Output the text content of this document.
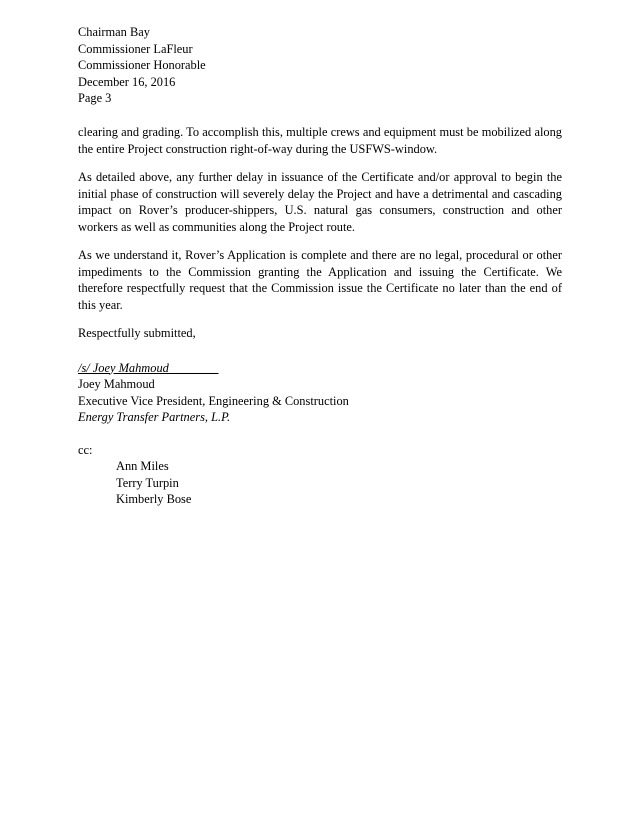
Chairman Bay
Commissioner LaFleur
Commissioner Honorable
December 16, 2016
Page 3

clearing and grading. To accomplish this, multiple crews and equipment must be mobilized along the entire Project construction right-of-way during the USFWS-window.

As detailed above, any further delay in issuance of the Certificate and/or approval to begin the initial phase of construction will severely delay the Project and have a detrimental and cascading impact on Rover’s producer-shippers, U.S. natural gas consumers, construction and other workers as well as communities along the Project route.

As we understand it, Rover’s Application is complete and there are no legal, procedural or other impediments to the Commission granting the Application and issuing the Certificate. We therefore respectfully request that the Commission issue the Certificate no later than the end of this year.

Respectfully submitted,
/s/ Joey Mahmoud________
Joey Mahmoud
Executive Vice President, Engineering & Construction
Energy Transfer Partners, L.P.
cc:
Ann Miles
Terry Turpin
Kimberly Bose
